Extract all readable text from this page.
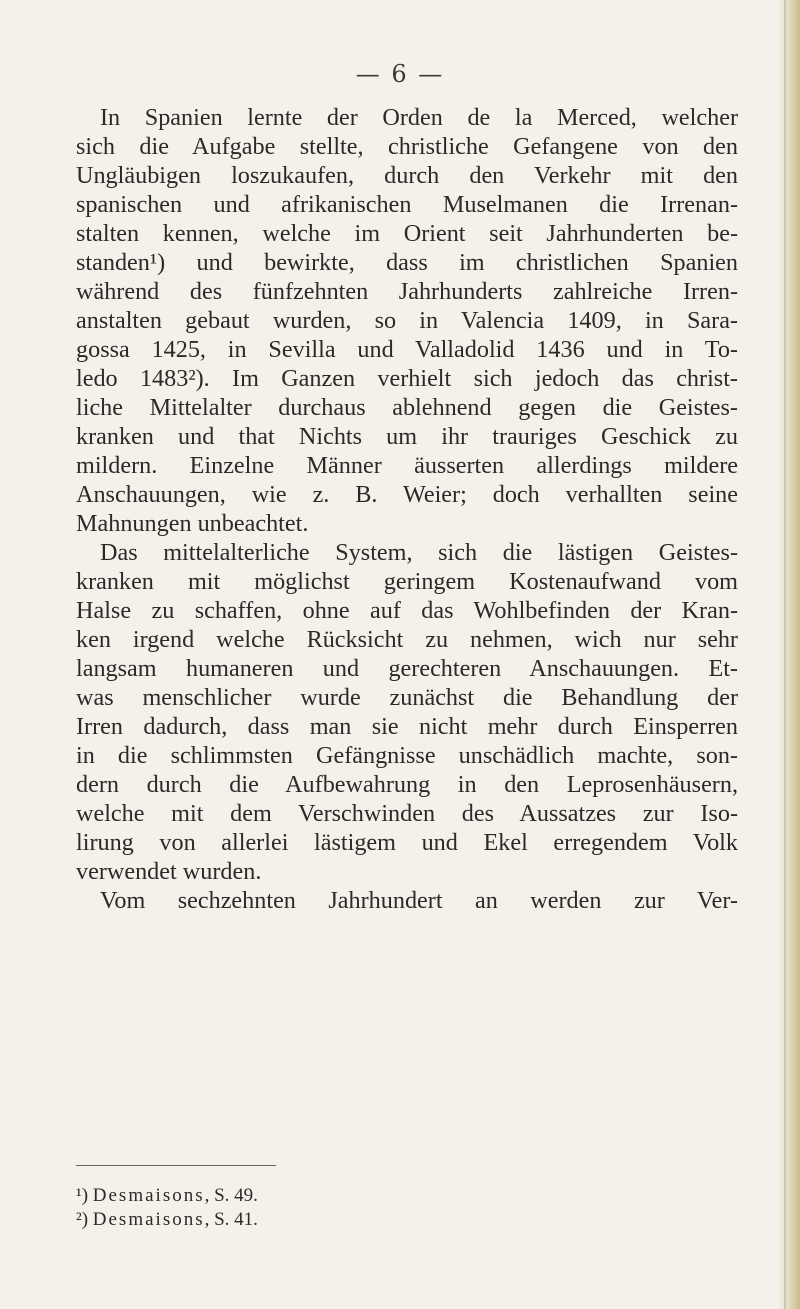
— 6 —
In Spanien lernte der Orden de la Merced, welcher
sich die Aufgabe stellte, christliche Gefangene von den
Ungläubigen loszukaufen, durch den Verkehr mit den
spanischen und afrikanischen Muselmanen die Irrenan-
stalten kennen, welche im Orient seit Jahrhunderten be-
standen¹) und bewirkte, dass im christlichen Spanien
während des fünfzehnten Jahrhunderts zahlreiche Irren-
anstalten gebaut wurden, so in Valencia 1409, in Sara-
gossa 1425, in Sevilla und Valladolid 1436 und in To-
ledo 1483²). Im Ganzen verhielt sich jedoch das christ-
liche Mittelalter durchaus ablehnend gegen die Geistes-
kranken und that Nichts um ihr trauriges Geschick zu
mildern. Einzelne Männer äusserten allerdings mildere
Anschauungen, wie z. B. Weier; doch verhallten seine
Mahnungen unbeachtet.
Das mittelalterliche System, sich die lästigen Geistes-
kranken mit möglichst geringem Kostenaufwand vom
Halse zu schaffen, ohne auf das Wohlbefinden der Kran-
ken irgend welche Rücksicht zu nehmen, wich nur sehr
langsam humaneren und gerechteren Anschauungen. Et-
was menschlicher wurde zunächst die Behandlung der
Irren dadurch, dass man sie nicht mehr durch Einsperren
in die schlimmsten Gefängnisse unschädlich machte, son-
dern durch die Aufbewahrung in den Leprosenhäusern,
welche mit dem Verschwinden des Aussatzes zur Iso-
lirung von allerlei lästigem und Ekel erregendem Volk
verwendet wurden.
Vom sechzehnten Jahrhundert an werden zur Ver-
¹) Desmaisons, S. 49.
²) Desmaisons, S. 41.
